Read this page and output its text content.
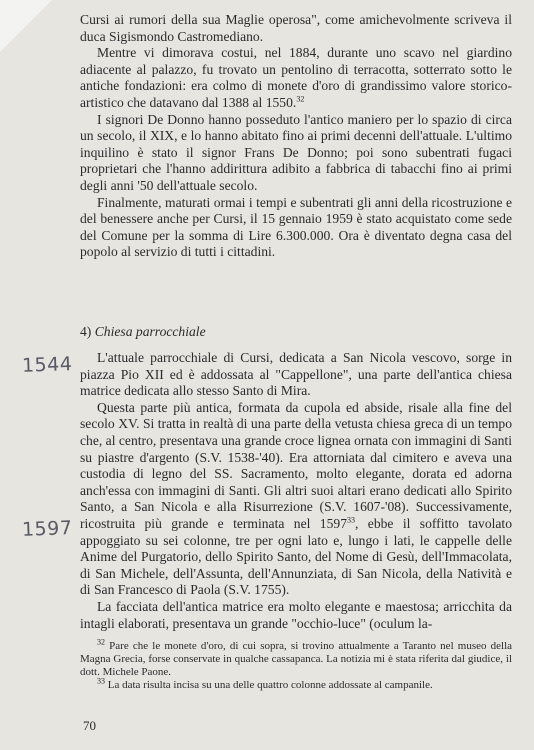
Cursi ai rumori della sua Maglie operosa", come amichevolmente scriveva il duca Sigismondo Castromediano.

Mentre vi dimorava costui, nel 1884, durante uno scavo nel giardino adiacente al palazzo, fu trovato un pentolino di terracotta, sotterrato sotto le antiche fondazioni: era colmo di monete d'oro di grandissimo valore storico-artistico che datavano dal 1388 al 1550.32

I signori De Donno hanno posseduto l'antico maniero per lo spazio di circa un secolo, il XIX, e lo hanno abitato fino ai primi decenni dell'attuale. L'ultimo inquilino è stato il signor Frans De Donno; poi sono subentrati fugaci proprietari che l'hanno addirittura adibito a fabbrica di tabacchi fino ai primi degli anni '50 dell'attuale secolo.

Finalmente, maturati ormai i tempi e subentrati gli anni della ricostruzione e del benessere anche per Cursi, il 15 gennaio 1959 è stato acquistato come sede del Comune per la somma di Lire 6.300.000. Ora è diventato degna casa del popolo al servizio di tutti i cittadini.

4) Chiesa parrocchiale
1544
1597

L'attuale parrocchiale di Cursi, dedicata a San Nicola vescovo, sorge in piazza Pio XII ed è addossata al "Cappellone", una parte dell'antica chiesa matrice dedicata allo stesso Santo di Mira.

Questa parte più antica, formata da cupola ed abside, risale alla fine del secolo XV. Si tratta in realtà di una parte della vetusta chiesa greca di un tempo che, al centro, presentava una grande croce lignea ornata con immagini di Santi su piastre d'argento (S.V. 1538-'40). Era attorniata dal cimitero e aveva una custodia di legno del SS. Sacramento, molto elegante, dorata ed adorna anch'essa con immagini di Santi. Gli altri suoi altari erano dedicati allo Spirito Santo, a San Nicola e alla Risurrezione (S.V. 1607-'08). Successivamente, ricostruita più grande e terminata nel 1597$^{33}$, ebbe il soffitto tavolato appoggiato su sei colonne, tre per ogni lato e, lungo i lati, le cappelle delle Anime del Purgatorio, dello Spirito Santo, del Nome di Gesù, dell'Immacolata, di San Michele, dell'Assunta, dell'Annunziata, di San Nicola, della Natività e di San Francesco di Paola (S.V. 1755).

La facciata dell'antica matrice era molto elegante e maestosa; arricchita da intagli elaborati, presentava un grande "occhio-luce" (oculum la-

$^{32}$ Pare che le monete d'oro, di cui sopra, si trovino attualmente a Taranto nel museo della Magna Grecia, forse conservate in qualche cassapanca. La notizia mi è stata riferita dal giudice, il dott. Michele Paone.

$^{33}$ La data risulta incisa su una delle quattro colonne addossate al campanile.

70
